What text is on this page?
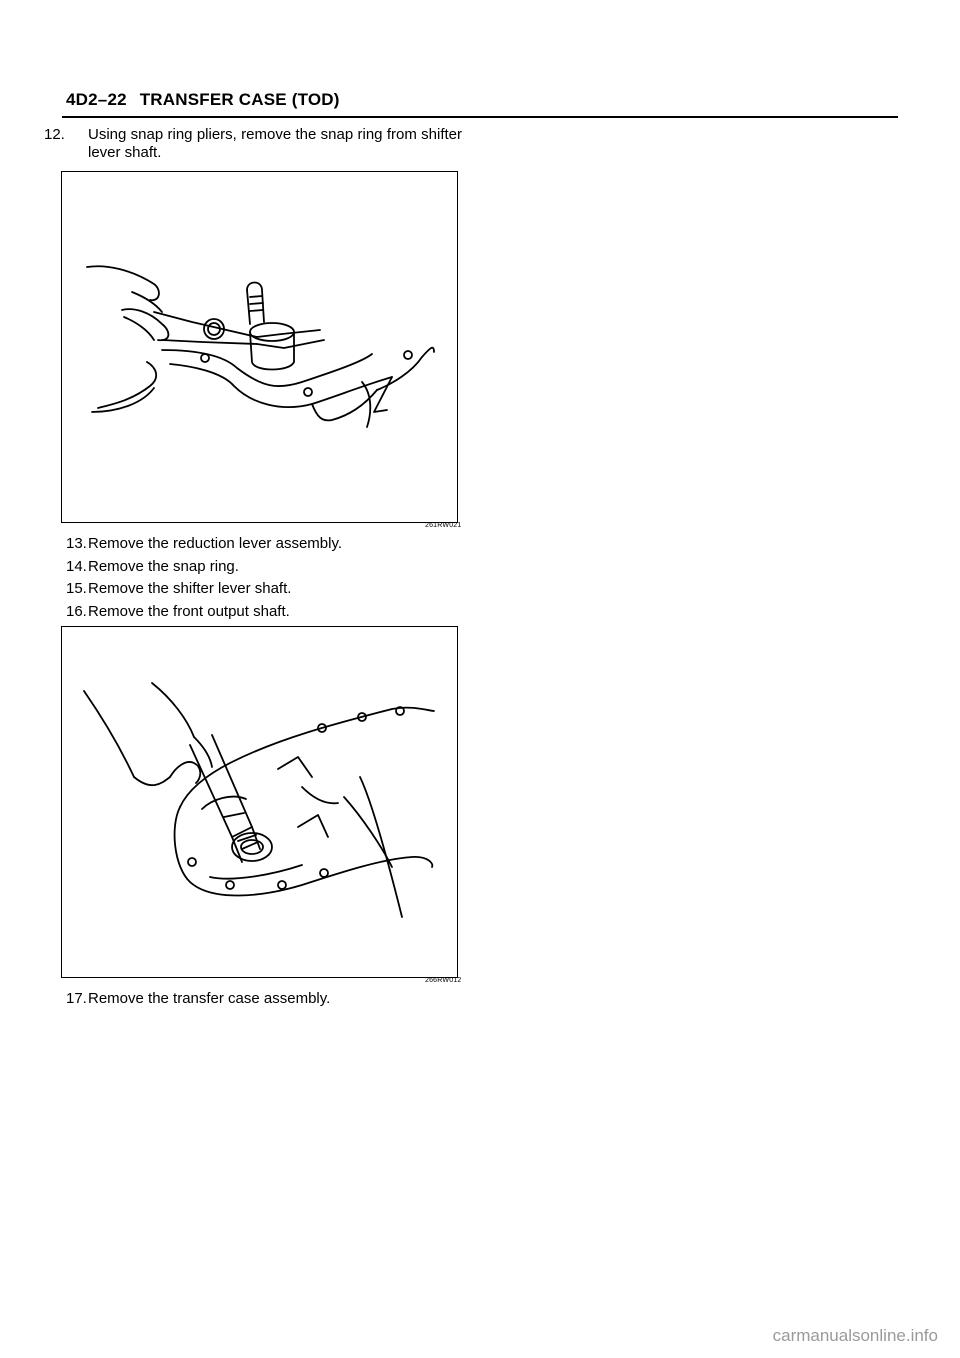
4D2–22 TRANSFER CASE (TOD)
12. Using snap ring pliers, remove the snap ring from shifter lever shaft.
261RW021
13.Remove the reduction lever assembly.
14.Remove the snap ring.
15.Remove the shifter lever shaft.
16.Remove the front output shaft.
266RW012
17.Remove the transfer case assembly.
carmanualsonline.info
